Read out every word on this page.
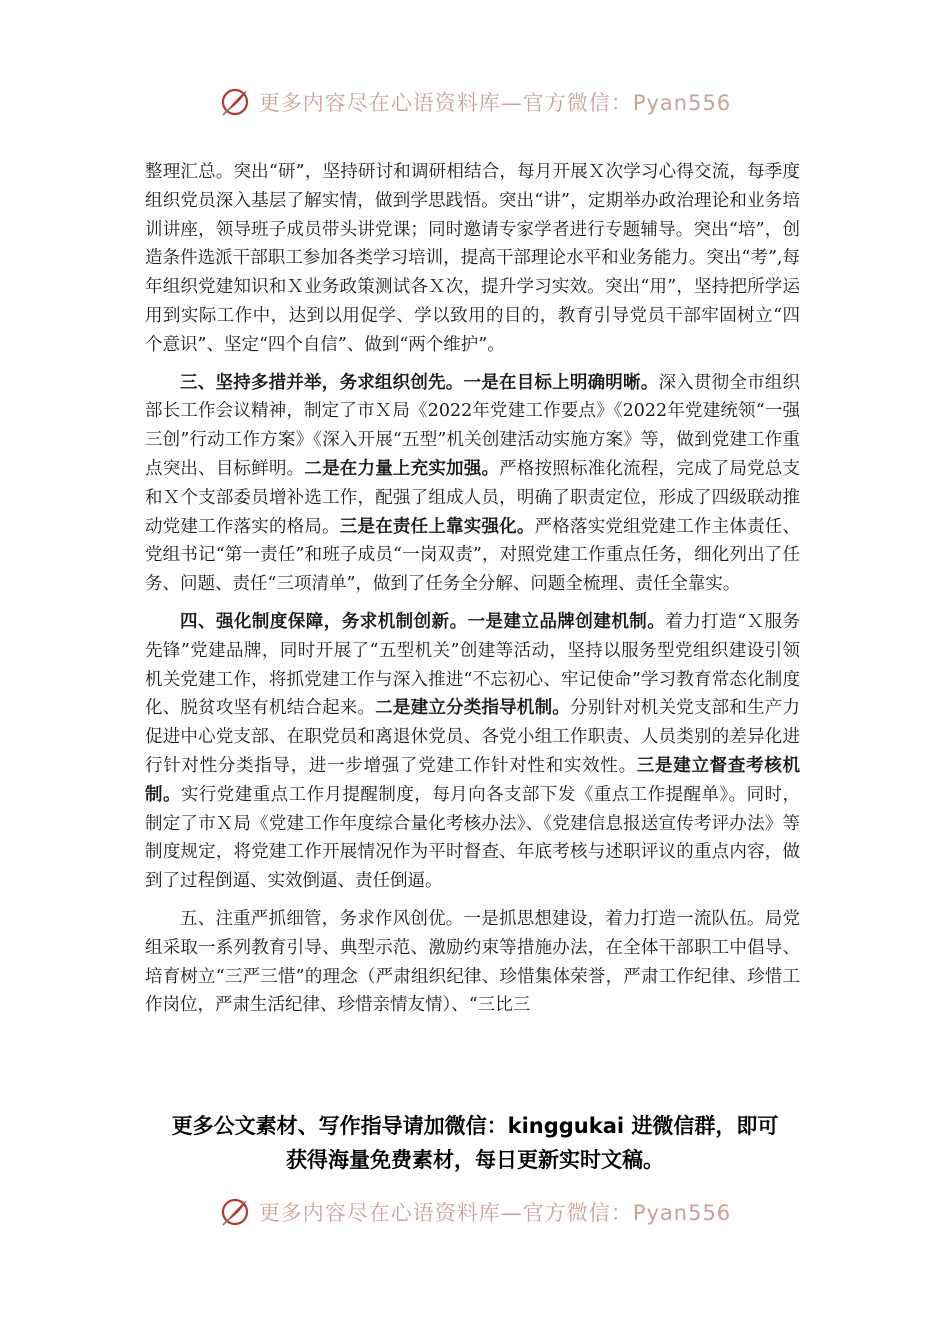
更多内容尽在心语资料库—官方微信：Pyan556

整理汇总。突出“研”，坚持研讨和调研相结合，每月开展Ｘ次学习心得交流，每季度组织党员深入基层了解实情，做到学思践悟。突出“讲”，定期举办政治理论和业务培训讲座，领导班子成员带头讲党课；同时邀请专家学者进行专题辅导。突出“培”，创造条件选派干部职工参加各类学习培训，提高干部理论水平和业务能力。突出“考”,每年组织党建知识和Ｘ业务政策测试各Ｘ次，提升学习实效。突出“用”，坚持把所学运用到实际工作中，达到以用促学、学以致用的目的，教育引导党员干部牢固树立“四个意识”、坚定“四个自信”、做到“两个维护”。

三、坚持多措并举，务求组织创先。一是在目标上明确明晰。深入贯彻全市组织部长工作会议精神，制定了市Ｘ局《2022年党建工作要点》《2022年党建统领“一强三创”行动工作方案》《深入开展“五型”机关创建活动实施方案》等，做到党建工作重点突出、目标鲜明。二是在力量上充实加强。严格按照标准化流程，完成了局党总支和Ｘ个支部委员增补选工作，配强了组成人员，明确了职责定位，形成了四级联动推动党建工作落实的格局。三是在责任上靠实强化。严格落实党组党建工作主体责任、党组书记“第一责任”和班子成员“一岗双责”，对照党建工作重点任务，细化列出了任务、问题、责任“三项清单”，做到了任务全分解、问题全梳理、责任全靠实。

四、强化制度保障，务求机制创新。一是建立品牌创建机制。着力打造“Ｘ服务先锋”党建品牌，同时开展了“五型机关”创建等活动，坚持以服务型党组织建设引领机关党建工作，将抓党建工作与深入推进“不忘初心、牢记使命”学习教育常态化制度化、脱贫攻坚有机结合起来。二是建立分类指导机制。分别针对机关党支部和生产力促进中心党支部、在职党员和离退休党员、各党小组工作职责、人员类别的差异化进行针对性分类指导，进一步增强了党建工作针对性和实效性。三是建立督查考核机制。实行党建重点工作月提醒制度，每月向各支部下发《重点工作提醒单》。同时，制定了市Ｘ局《党建工作年度综合量化考核办法》、《党建信息报送宣传考评办法》等制度规定，将党建工作开展情况作为平时督查、年底考核与述职评议的重点内容，做到了过程倒逼、实效倒逼、责任倒逼。

五、注重严抓细管，务求作风创优。一是抓思想建设，着力打造一流队伍。局党组采取一系列教育引导、典型示范、激励约束等措施办法，在全体干部职工中倡导、培育树立“三严三惜”的理念（严肃组织纪律、珍惜集体荣誉，严肃工作纪律、珍惜工作岗位，严肃生活纪律、珍惜亲情友情）、“三比三

更多公文素材、写作指导请加微信：kinggukai 进微信群，即可
获得海量免费素材，每日更新实时文稿。
更多内容尽在心语资料库—官方微信：Pyan556
